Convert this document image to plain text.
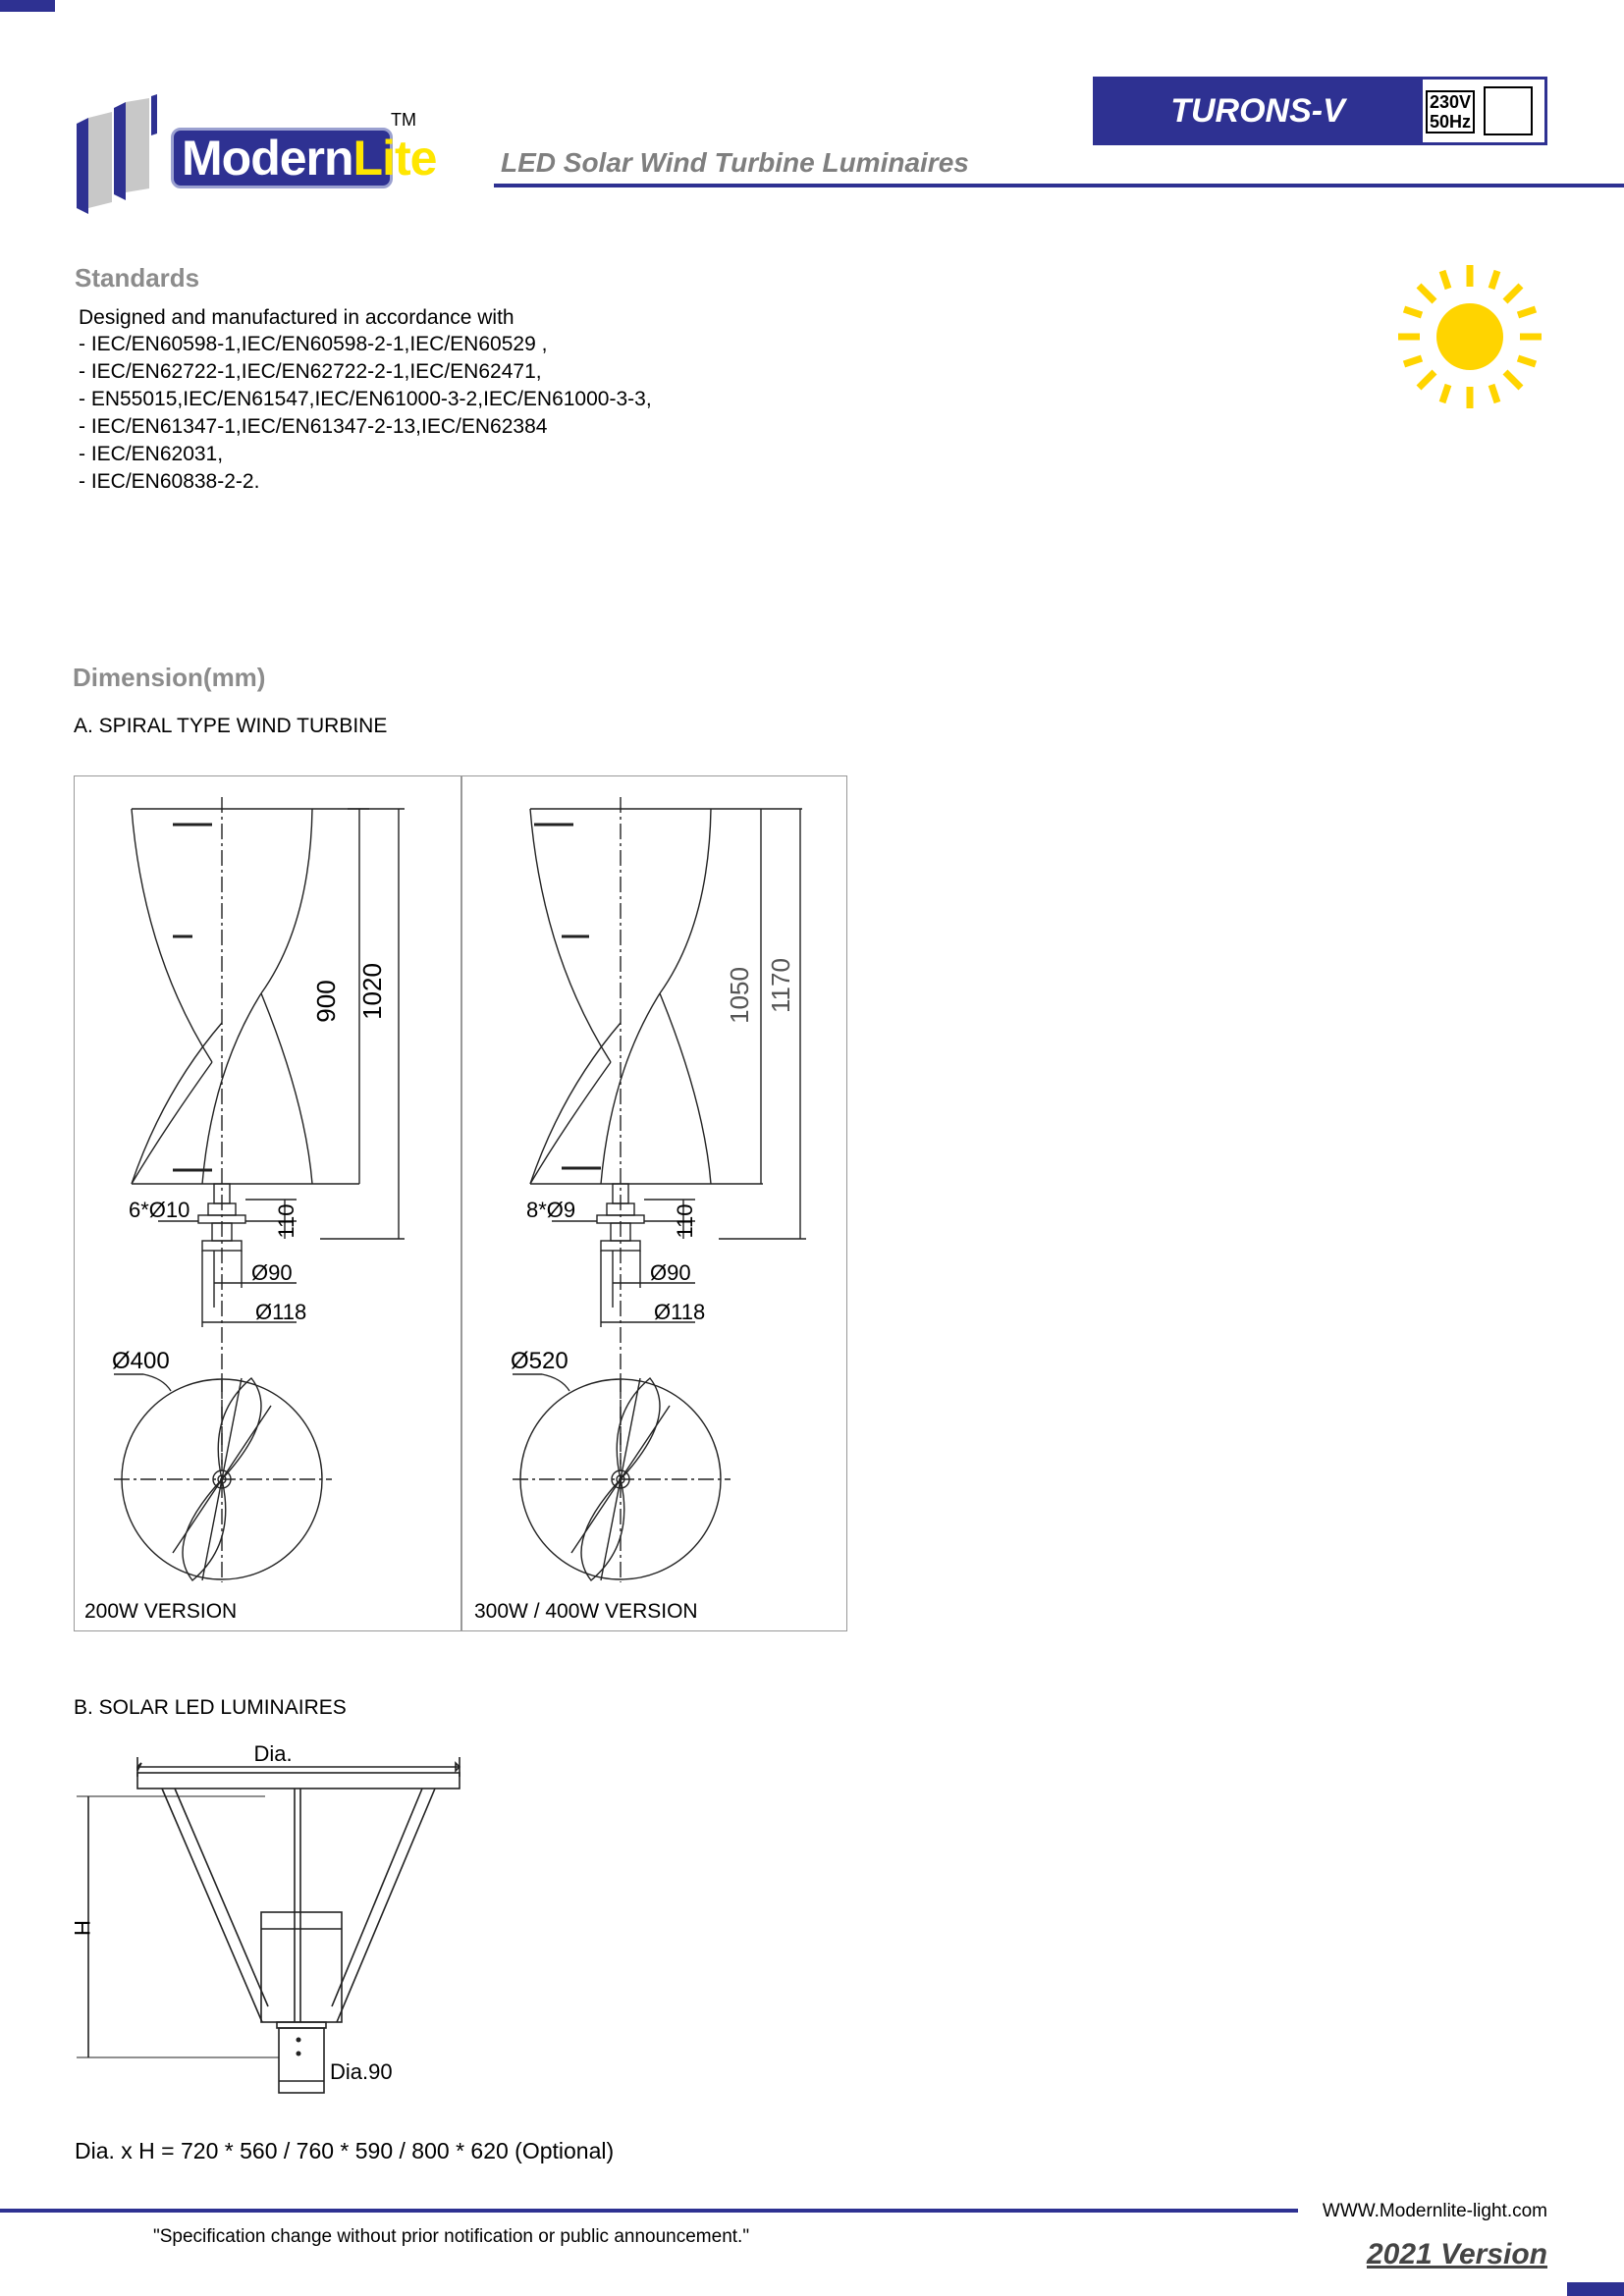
ModernLite
TM
LED Solar Wind Turbine Luminaires
TURONS-V	230V
50Hz
Standards
Designed and manufactured in accordance with
- IEC/EN60598-1,IEC/EN60598-2-1,IEC/EN60529 ,
- IEC/EN62722-1,IEC/EN62722-2-1,IEC/EN62471,
- EN55015,IEC/EN61547,IEC/EN61000-3-2,IEC/EN61000-3-3,
- IEC/EN61347-1,IEC/EN61347-2-13,IEC/EN62384
- IEC/EN62031,
- IEC/EN60838-2-2.
Dimension(mm)
A. SPIRAL TYPE WIND TURBINE
900 1020
110
6*Ø10
Ø90
Ø118
Ø400
1050 1170
110
8*Ø9
Ø90
Ø118
Ø520
200W VERSION	300W / 400W VERSION
B. SOLAR LED LUMINAIRES
Dia.
H
Dia.90
Dia. x H = 720 * 560 / 760 * 590 / 800 * 620 (Optional)
WWW.Modernlite-light.com
"Specification change without prior notification or public announcement."
2021 Version
